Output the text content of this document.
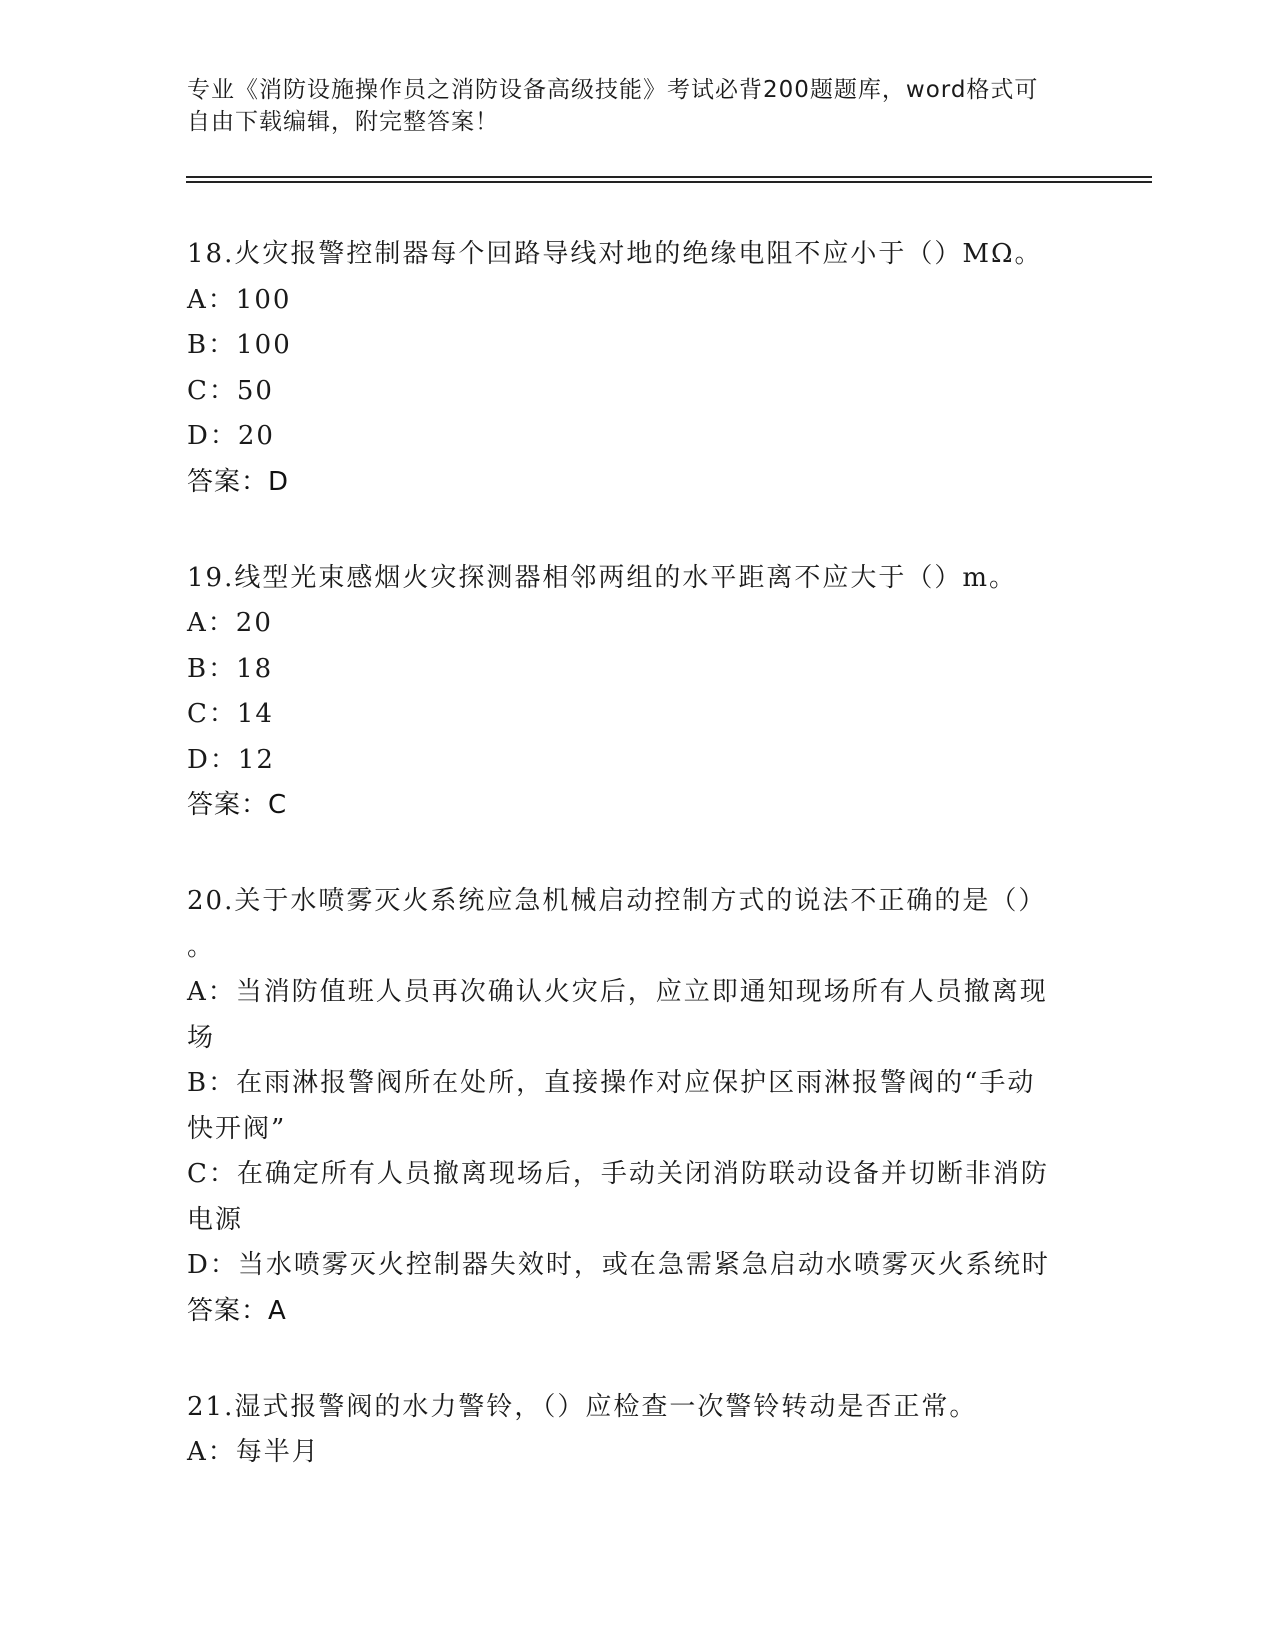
专业《消防设施操作员之消防设备高级技能》考试必背200题题库，word格式可
自由下载编辑，附完整答案！
18.火灾报警控制器每个回路导线对地的绝缘电阻不应小于（）MΩ。
A：100
B：100
C：50
D：20
答案：D
19.线型光束感烟火灾探测器相邻两组的水平距离不应大于（）m。
A：20
B：18
C：14
D：12
答案：C
20.关于水喷雾灭火系统应急机械启动控制方式的说法不正确的是（）
。
A：当消防值班人员再次确认火灾后，应立即通知现场所有人员撤离现
场
B：在雨淋报警阀所在处所，直接操作对应保护区雨淋报警阀的“手动
快开阀”
C：在确定所有人员撤离现场后，手动关闭消防联动设备并切断非消防
电源
D：当水喷雾灭火控制器失效时，或在急需紧急启动水喷雾灭火系统时
答案：A
21.湿式报警阀的水力警铃，（）应检查一次警铃转动是否正常。
A：每半月
